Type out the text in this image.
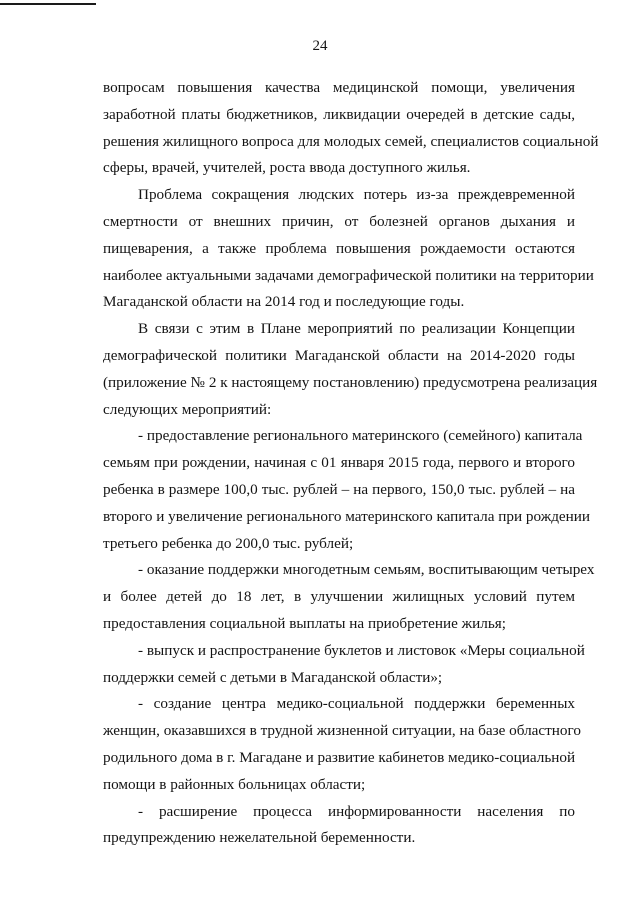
24

вопросам повышения качества медицинской помощи, увеличения
заработной платы бюджетников, ликвидации очередей в детские сады,
решения жилищного вопроса для молодых семей, специалистов социальной
сферы, врачей, учителей, роста ввода доступного жилья.

Проблема сокращения людских потерь из-за преждевременной
смертности от внешних причин, от болезней органов дыхания и
пищеварения, а также проблема повышения рождаемости остаются
наиболее актуальными задачами демографической политики на территории
Магаданской области на 2014 год и последующие годы.

В связи с этим в Плане мероприятий по реализации Концепции
демографической политики Магаданской области на 2014-2020 годы
(приложение № 2 к настоящему постановлению) предусмотрена реализация
следующих мероприятий:

- предоставление регионального материнского (семейного) капитала
семьям при рождении, начиная с 01 января 2015 года, первого и второго
ребенка в размере 100,0 тыс. рублей – на первого, 150,0 тыс. рублей – на
второго и увеличение регионального материнского капитала при рождении
третьего ребенка до 200,0 тыс. рублей;

- оказание поддержки многодетным семьям, воспитывающим четырех
и более детей до 18 лет, в улучшении жилищных условий путем
предоставления социальной выплаты на приобретение жилья;

- выпуск и распространение буклетов и листовок «Меры социальной
поддержки семей с детьми в Магаданской области»;

- создание центра медико-социальной поддержки беременных
женщин, оказавшихся в трудной жизненной ситуации, на базе областного
родильного дома в г. Магадане и развитие кабинетов медико-социальной
помощи в районных больницах области;

- расширение процесса информированности населения по
предупреждению нежелательной беременности.
